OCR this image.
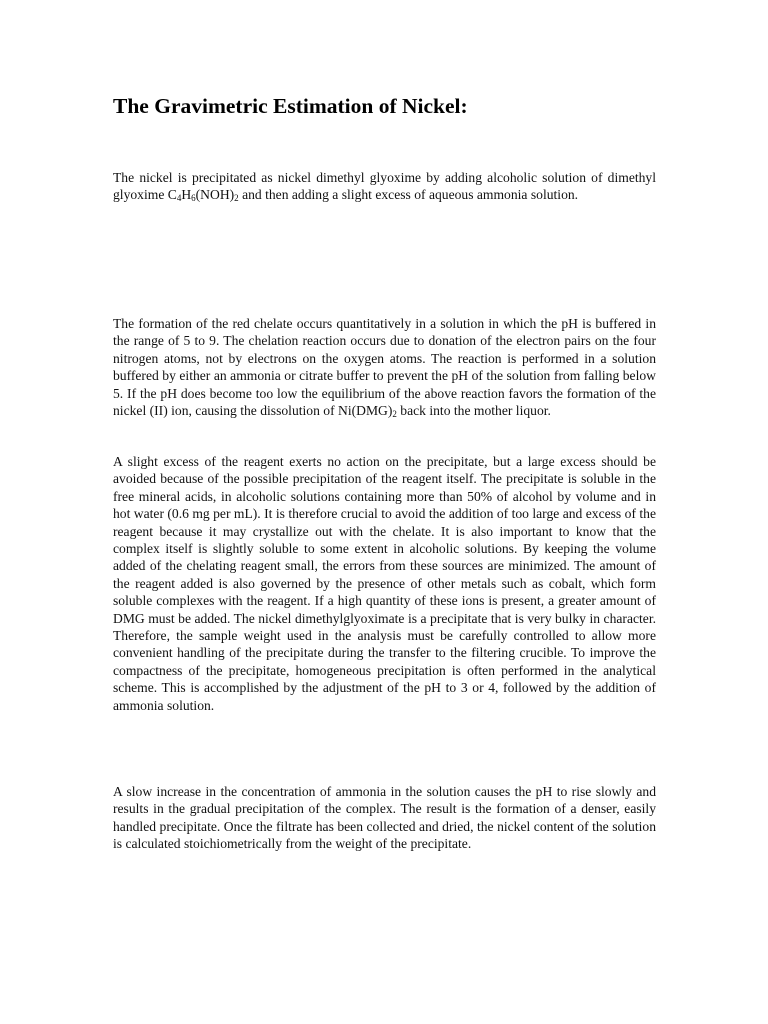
The Gravimetric Estimation of Nickel:

The nickel is precipitated as nickel dimethyl glyoxime by adding alcoholic solution of dimethyl glyoxime $C_4H_6(NOH)_2$ and then adding a slight excess of aqueous ammonia solution.

The formation of the red chelate occurs quantitatively in a solution in which the pH is buffered in the range of 5 to 9. The chelation reaction occurs due to donation of the electron pairs on the four nitrogen atoms, not by electrons on the oxygen atoms. The reaction is performed in a solution buffered by either an ammonia or citrate buffer to prevent the pH of the solution from falling below 5. If the pH does become too low the equilibrium of the above reaction favors the formation of the nickel (II) ion, causing the dissolution of $Ni(DMG)_2$ back into the mother liquor.

A slight excess of the reagent exerts no action on the precipitate, but a large excess should be avoided because of the possible precipitation of the reagent itself. The precipitate is soluble in the free mineral acids, in alcoholic solutions containing more than 50% of alcohol by volume and in hot water (0.6 mg per mL). It is therefore crucial to avoid the addition of too large and excess of the reagent because it may crystallize out with the chelate. It is also important to know that the complex itself is slightly soluble to some extent in alcoholic solutions. By keeping the volume added of the chelating reagent small, the errors from these sources are minimized. The amount of the reagent added is also governed by the presence of other metals such as cobalt, which form soluble complexes with the reagent. If a high quantity of these ions is present, a greater amount of DMG must be added. The nickel dimethylglyoximate is a precipitate that is very bulky in character. Therefore, the sample weight used in the analysis must be carefully controlled to allow more convenient handling of the precipitate during the transfer to the filtering crucible. To improve the compactness of the precipitate, homogeneous precipitation is often performed in the analytical scheme. This is accomplished by the adjustment of the pH to 3 or 4, followed by the addition of ammonia solution.

A slow increase in the concentration of ammonia in the solution causes the pH to rise slowly and results in the gradual precipitation of the complex. The result is the formation of a denser, easily handled precipitate. Once the filtrate has been collected and dried, the nickel content of the solution is calculated stoichiometrically from the weight of the precipitate.
